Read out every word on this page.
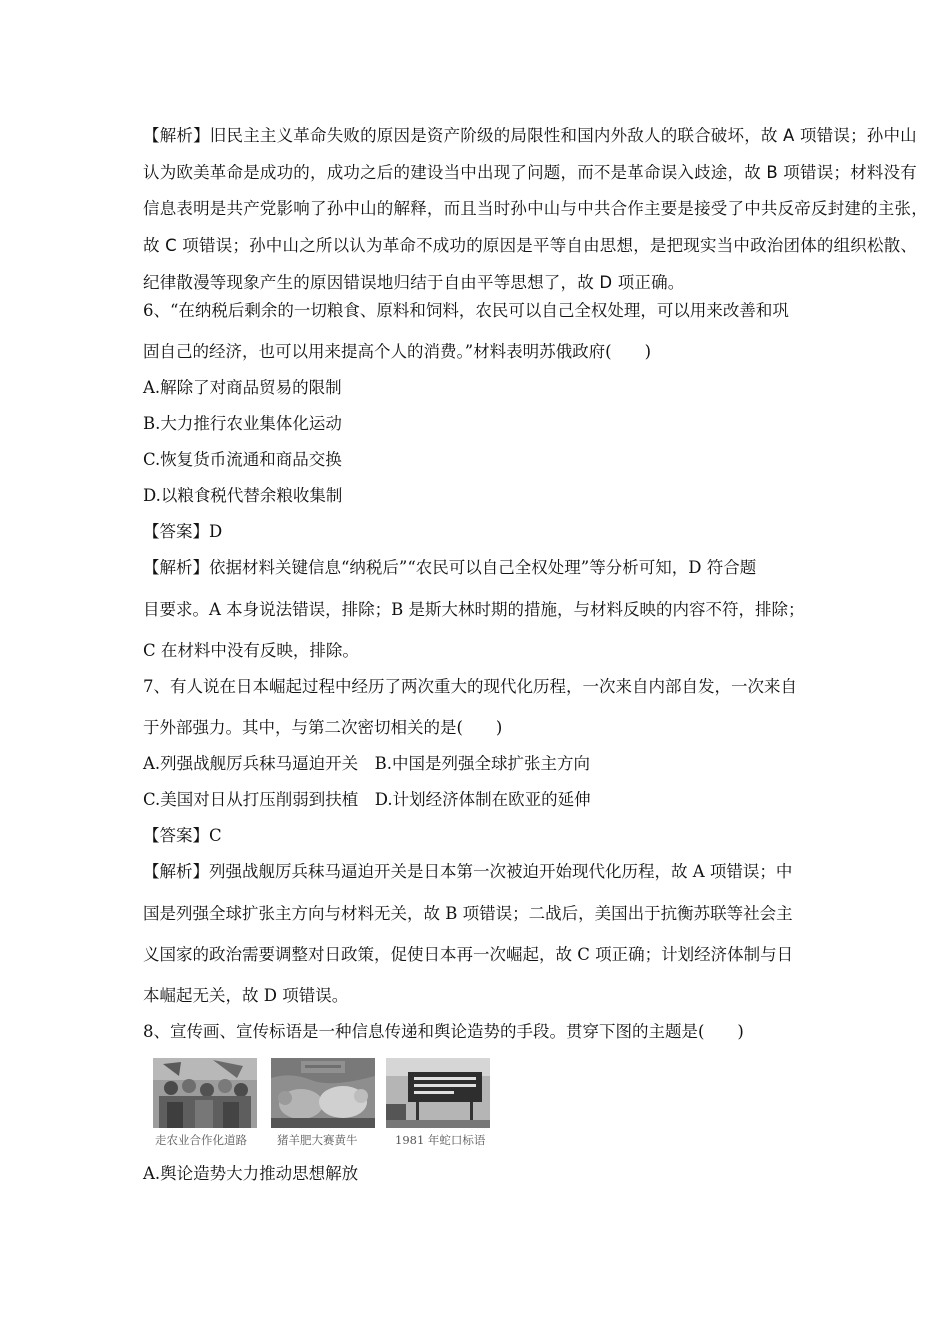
【解析】旧民主主义革命失败的原因是资产阶级的局限性和国内外敌人的联合破坏，故 A 项错误；孙中山
认为欧美革命是成功的，成功之后的建设当中出现了问题，而不是革命误入歧途，故 B 项错误；材料没有
信息表明是共产党影响了孙中山的解释，而且当时孙中山与中共合作主要是接受了中共反帝反封建的主张，
故 C 项错误；孙中山之所以认为革命不成功的原因是平等自由思想，是把现实当中政治团体的组织松散、
纪律散漫等现象产生的原因错误地归结于自由平等思想了，故 D 项正确。
6、“在纳税后剩余的一切粮食、原料和饲料，农民可以自己全权处理，可以用来改善和巩
固自己的经济，也可以用来提高个人的消费。”材料表明苏俄政府(　　)
A.解除了对商品贸易的限制
B.大力推行农业集体化运动
C.恢复货币流通和商品交换
D.以粮食税代替余粮收集制
【答案】D
【解析】依据材料关键信息“纳税后”“农民可以自己全权处理”等分析可知，D 符合题
目要求。A 本身说法错误，排除；B 是斯大林时期的措施，与材料反映的内容不符，排除；
C 在材料中没有反映，排除。
7、有人说在日本崛起过程中经历了两次重大的现代化历程，一次来自内部自发，一次来自
于外部强力。其中，与第二次密切相关的是(　　)
A.列强战舰厉兵秣马逼迫开关　B.中国是列强全球扩张主方向
C.美国对日从打压削弱到扶植　D.计划经济体制在欧亚的延伸
【答案】C
【解析】列强战舰厉兵秣马逼迫开关是日本第一次被迫开始现代化历程，故 A 项错误；中
国是列强全球扩张主方向与材料无关，故 B 项错误；二战后，美国出于抗衡苏联等社会主
义国家的政治需要调整对日政策，促使日本再一次崛起，故 C 项正确；计划经济体制与日
本崛起无关，故 D 项错误。
8、宣传画、宣传标语是一种信息传递和舆论造势的手段。贯穿下图的主题是(　　)
走农业合作化道路	猪羊肥大赛黄牛	1981 年蛇口标语
A.舆论造势大力推动思想解放
